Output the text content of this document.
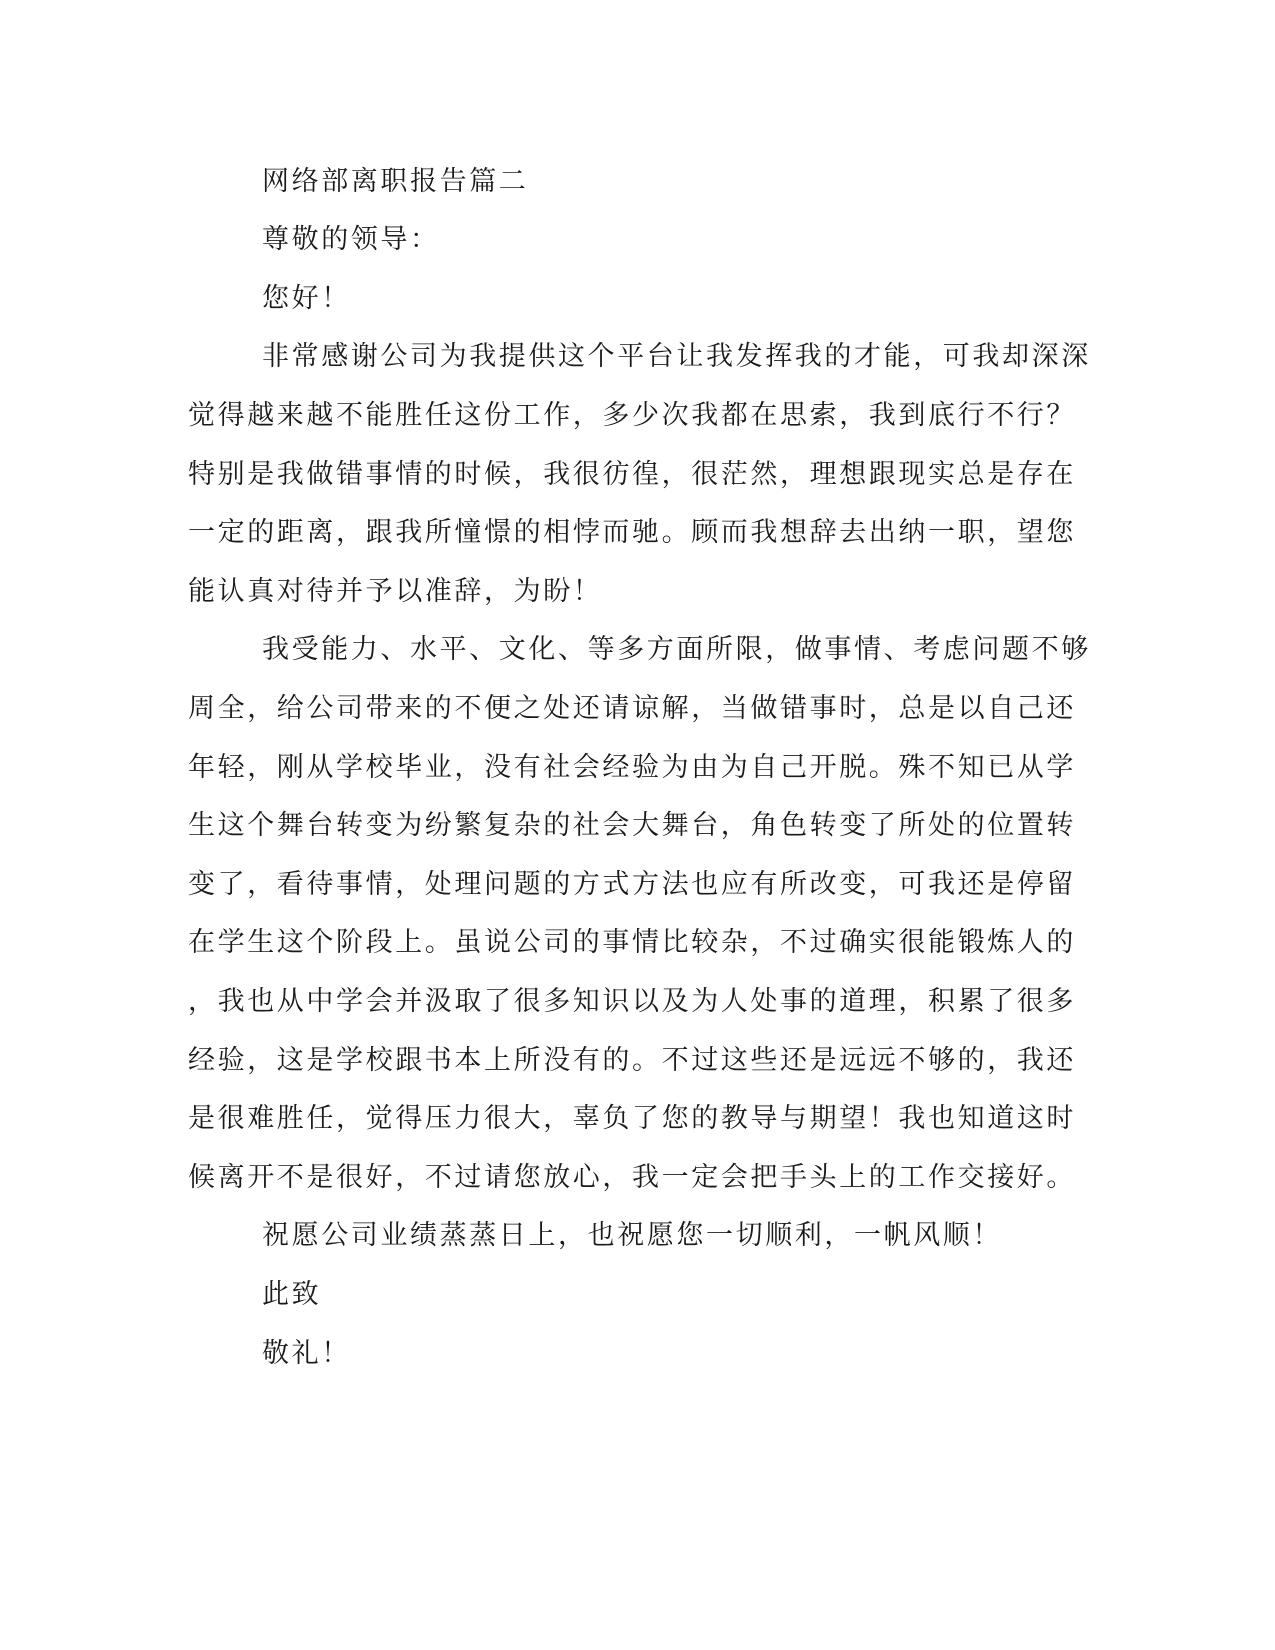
网络部离职报告篇二
尊敬的领导：
您好！
非常感谢公司为我提供这个平台让我发挥我的才能，可我却深深
觉得越来越不能胜任这份工作，多少次我都在思索，我到底行不行？
特别是我做错事情的时候，我很彷徨，很茫然，理想跟现实总是存在
一定的距离，跟我所憧憬的相悖而驰。顾而我想辞去出纳一职，望您
能认真对待并予以准辞，为盼！
我受能力、水平、文化、等多方面所限，做事情、考虑问题不够
周全，给公司带来的不便之处还请谅解，当做错事时，总是以自己还
年轻，刚从学校毕业，没有社会经验为由为自己开脱。殊不知已从学
生这个舞台转变为纷繁复杂的社会大舞台，角色转变了所处的位置转
变了，看待事情，处理问题的方式方法也应有所改变，可我还是停留
在学生这个阶段上。虽说公司的事情比较杂，不过确实很能锻炼人的
，我也从中学会并汲取了很多知识以及为人处事的道理，积累了很多
经验，这是学校跟书本上所没有的。不过这些还是远远不够的，我还
是很难胜任，觉得压力很大，辜负了您的教导与期望！我也知道这时
候离开不是很好，不过请您放心，我一定会把手头上的工作交接好。
祝愿公司业绩蒸蒸日上，也祝愿您一切顺利，一帆风顺！
此致
敬礼！
